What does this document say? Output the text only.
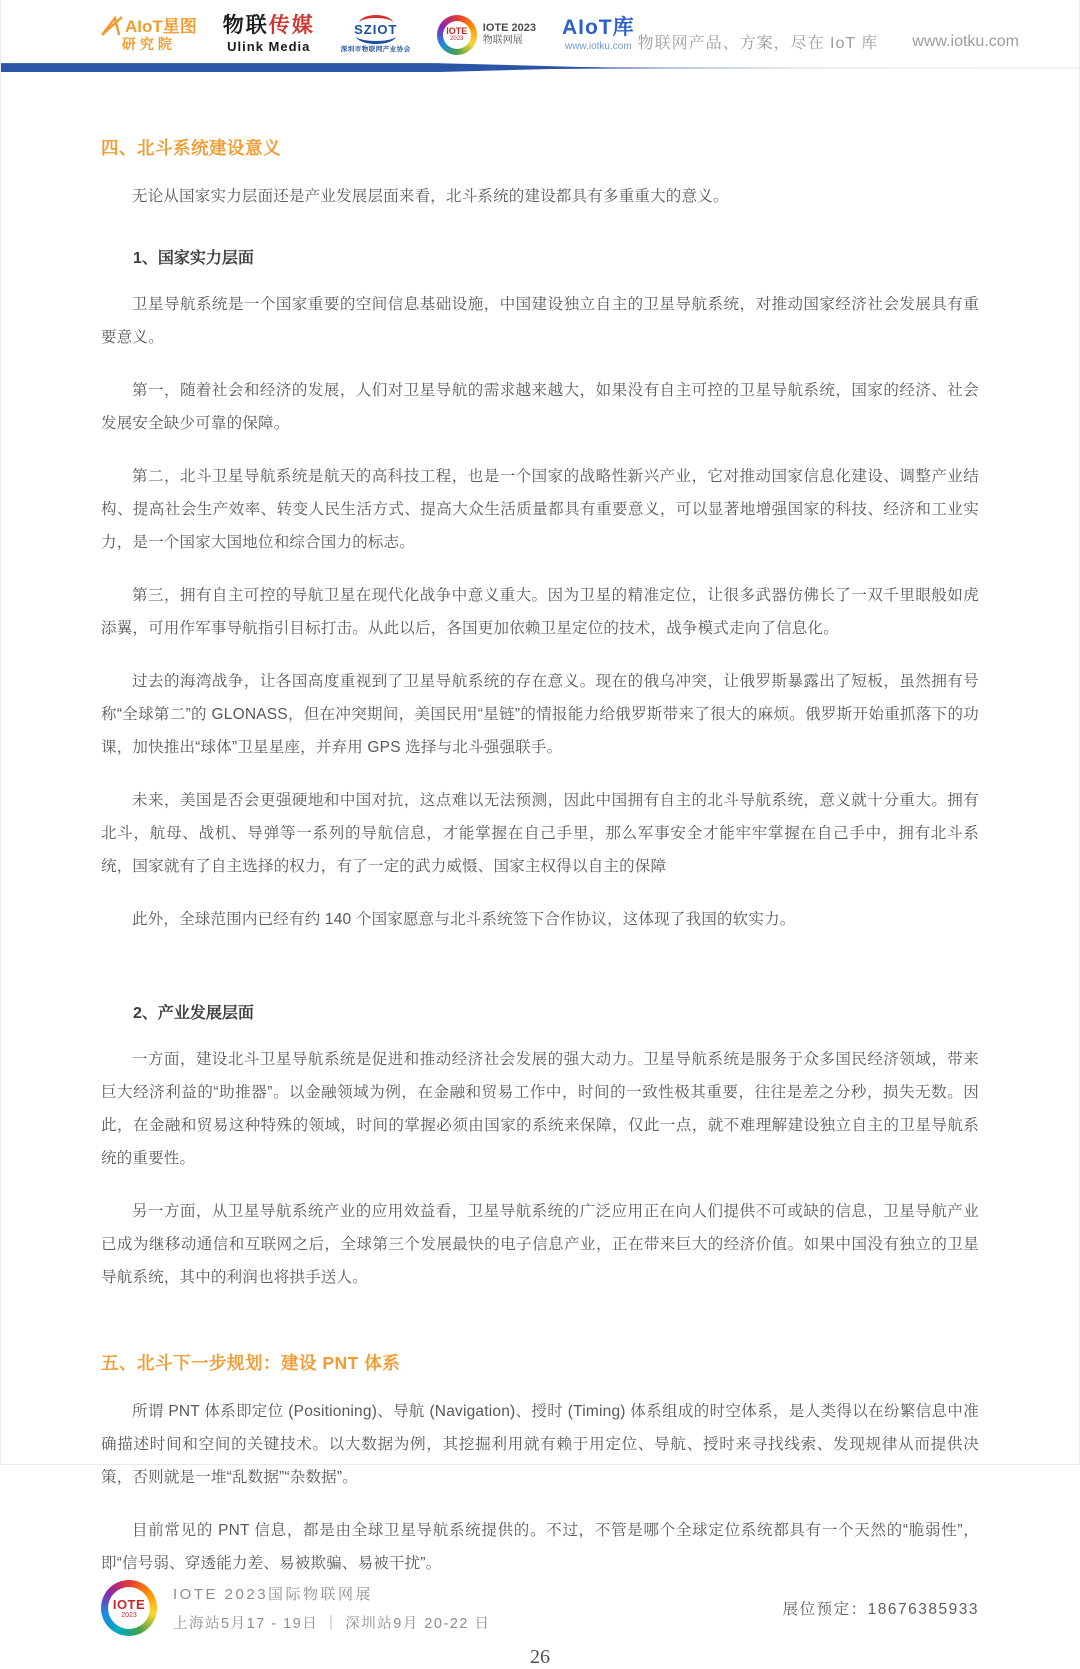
AIoT星图
研究院
物联传媒
Ulink Media
SZIOT
深圳市物联网产业协会
IOTE
2023
IOTE 2023
物联网展
AIoT库
www.iotku.com 物联网产品、方案，尽在 IoT 库 www.iotku.com
四、北斗系统建设意义

无论从国家实力层面还是产业发展层面来看，北斗系统的建设都具有多重重大的意义。

1、国家实力层面

卫星导航系统是一个国家重要的空间信息基础设施，中国建设独立自主的卫星导航系统，对推动国家经济社会发展具有重要意义。

第一，随着社会和经济的发展，人们对卫星导航的需求越来越大，如果没有自主可控的卫星导航系统，国家的经济、社会发展安全缺少可靠的保障。

第二，北斗卫星导航系统是航天的高科技工程，也是一个国家的战略性新兴产业，它对推动国家信息化建设、调整产业结构、提高社会生产效率、转变人民生活方式、提高大众生活质量都具有重要意义，可以显著地增强国家的科技、经济和工业实力，是一个国家大国地位和综合国力的标志。

第三，拥有自主可控的导航卫星在现代化战争中意义重大。因为卫星的精准定位，让很多武器仿佛长了一双千里眼般如虎添翼，可用作军事导航指引目标打击。从此以后，各国更加依赖卫星定位的技术，战争模式走向了信息化。

过去的海湾战争，让各国高度重视到了卫星导航系统的存在意义。现在的俄乌冲突，让俄罗斯暴露出了短板，虽然拥有号称“全球第二”的 GLONASS，但在冲突期间，美国民用“星链”的情报能力给俄罗斯带来了很大的麻烦。俄罗斯开始重抓落下的功课，加快推出“球体”卫星星座，并弃用 GPS 选择与北斗强强联手。

未来，美国是否会更强硬地和中国对抗，这点难以无法预测，因此中国拥有自主的北斗导航系统，意义就十分重大。拥有北斗，航母、战机、导弹等一系列的导航信息，才能掌握在自己手里，那么军事安全才能牢牢掌握在自己手中，拥有北斗系统，国家就有了自主选择的权力，有了一定的武力威慑、国家主权得以自主的保障

此外，全球范围内已经有约 140 个国家愿意与北斗系统签下合作协议，这体现了我国的软实力。

2、产业发展层面

一方面，建设北斗卫星导航系统是促进和推动经济社会发展的强大动力。卫星导航系统是服务于众多国民经济领域，带来巨大经济利益的“助推器”。以金融领域为例，在金融和贸易工作中，时间的一致性极其重要，往往是差之分秒，损失无数。因此，在金融和贸易这种特殊的领域，时间的掌握必须由国家的系统来保障，仅此一点，就不难理解建设独立自主的卫星导航系统的重要性。

另一方面，从卫星导航系统产业的应用效益看，卫星导航系统的广泛应用正在向人们提供不可或缺的信息，卫星导航产业已成为继移动通信和互联网之后，全球第三个发展最快的电子信息产业，正在带来巨大的经济价值。如果中国没有独立的卫星导航系统，其中的利润也将拱手送人。

五、北斗下一步规划：建设 PNT 体系

所谓 PNT 体系即定位 (Positioning)、导航 (Navigation)、授时 (Timing) 体系组成的时空体系，是人类得以在纷繁信息中准确描述时间和空间的关键技术。以大数据为例，其挖掘利用就有赖于用定位、导航、授时来寻找线索、发现规律从而提供决策，否则就是一堆“乱数据”“杂数据”。

目前常见的 PNT 信息，都是由全球卫星导航系统提供的。不过，不管是哪个全球定位系统都具有一个天然的“脆弱性”，即“信号弱、穿透能力差、易被欺骗、易被干扰”。

IOTE
2023
IOTE 2023国际物联网展
上海站5月17 - 19日 ｜ 深圳站9月 20-22 日
展位预定：18676385933
26
